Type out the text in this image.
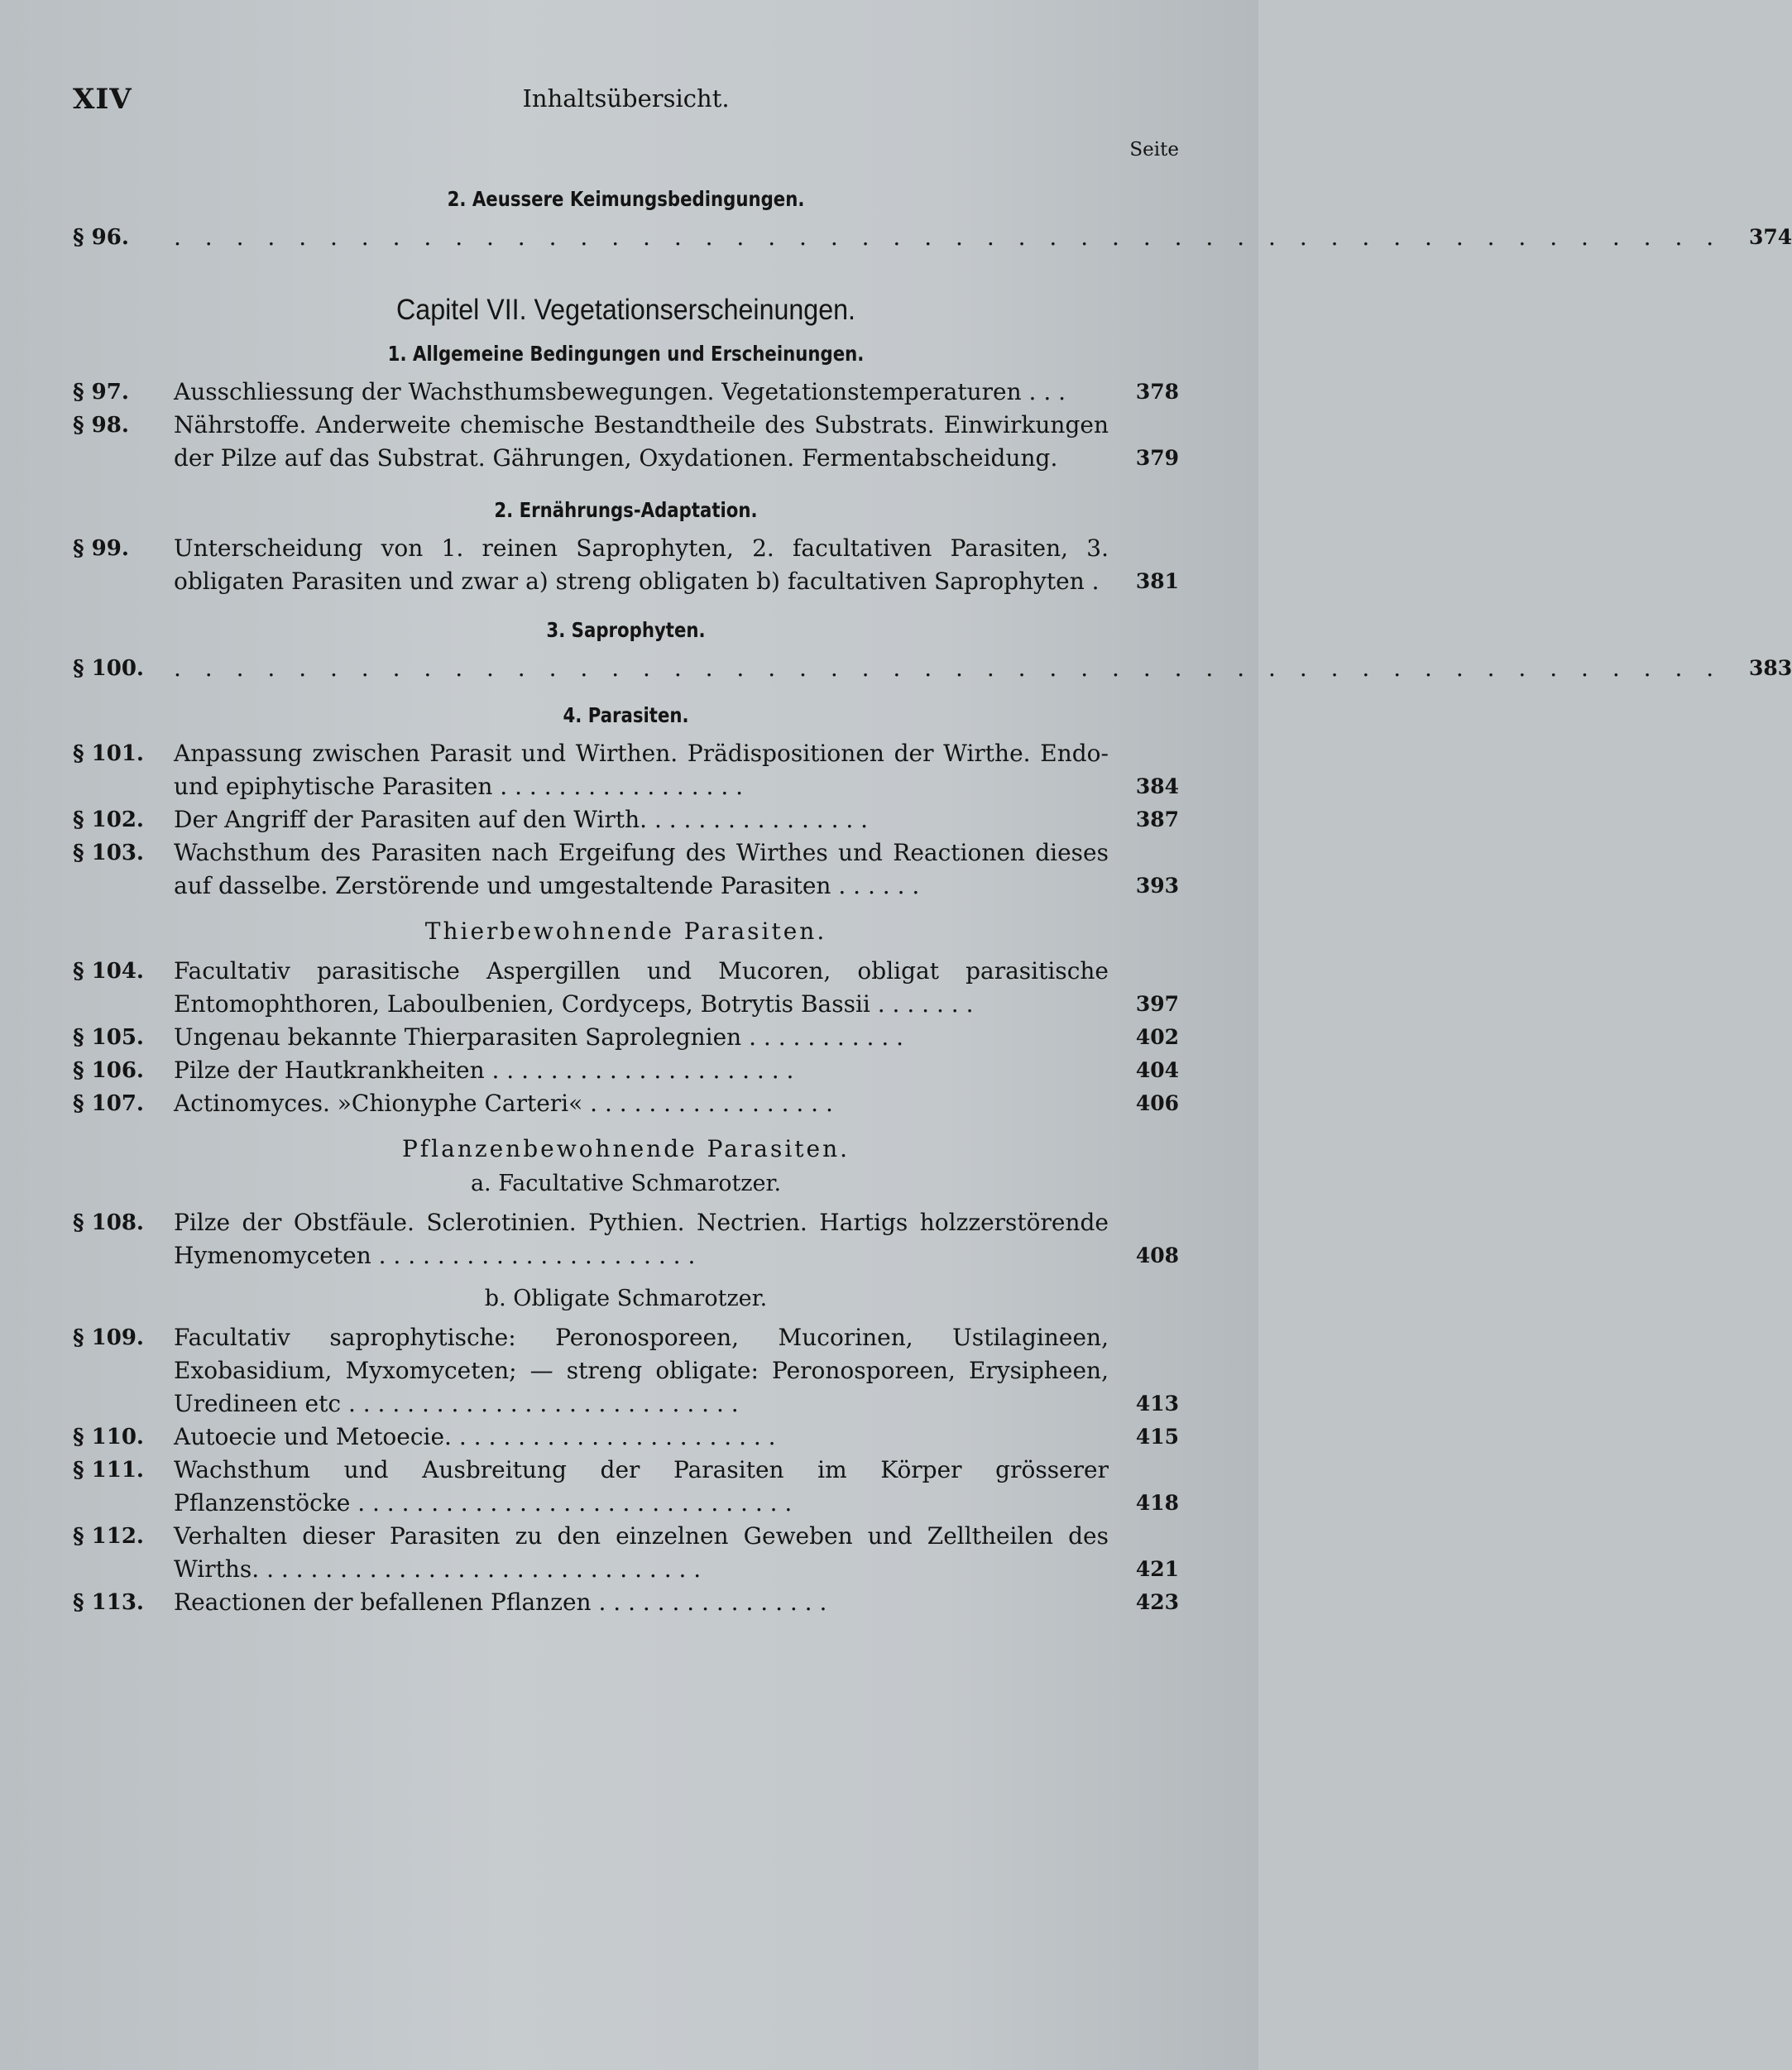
XIV	Inhaltsübersicht.
Seite
2. Aeussere Keimungsbedingungen.
§ 96.	. . . . . . . . . . . . . . . . . . . . . . . . . . . . . . . . . . . . . . . . . . . . . . . . . .	374
Capitel VII. Vegetationserscheinungen.
1. Allgemeine Bedingungen und Erscheinungen.
§ 97.	Ausschliessung der Wachsthumsbewegungen. Vegetationstemperaturen . . .	378
§ 98.	Nährstoffe. Anderweite chemische Bestandtheile des Substrats. Einwirkungen der Pilze auf das Substrat. Gährungen, Oxydationen. Fermentabscheidung.	379
2. Ernährungs-Adaptation.
§ 99.	Unterscheidung von 1. reinen Saprophyten, 2. facultativen Parasiten, 3. obligaten Parasiten und zwar a) streng obligaten b) facultativen Saprophyten .	381
3. Saprophyten.
§ 100.	. . . . . . . . . . . . . . . . . . . . . . . . . . . . . . . . . . . . . . . . . . . . . . . . . .	383
4. Parasiten.
§ 101.	Anpassung zwischen Parasit und Wirthen. Prädispositionen der Wirthe. Endo- und epiphytische Parasiten . . . . . . . . . . . . . . . . .	384
§ 102.	Der Angriff der Parasiten auf den Wirth. . . . . . . . . . . . . . . .	387
§ 103.	Wachsthum des Parasiten nach Ergeifung des Wirthes und Reactionen dieses auf dasselbe. Zerstörende und umgestaltende Parasiten . . . . . .	393
Thierbewohnende Parasiten.
§ 104.	Facultativ parasitische Aspergillen und Mucoren, obligat parasitische Entomophthoren, Laboulbenien, Cordyceps, Botrytis Bassii . . . . . . .	397
§ 105.	Ungenau bekannte Thierparasiten Saprolegnien . . . . . . . . . . .	402
§ 106.	Pilze der Hautkrankheiten . . . . . . . . . . . . . . . . . . . . .	404
§ 107.	Actinomyces. »Chionyphe Carteri« . . . . . . . . . . . . . . . . .	406
Pflanzenbewohnende Parasiten.
a. Facultative Schmarotzer.
§ 108.	Pilze der Obstfäule. Sclerotinien. Pythien. Nectrien. Hartigs holzzerstörende Hymenomyceten . . . . . . . . . . . . . . . . . . . . . .	408
b. Obligate Schmarotzer.
§ 109.	Facultativ saprophytische: Peronosporeen, Mucorinen, Ustilagineen, Exobasidium, Myxomyceten; — streng obligate: Peronosporeen, Erysipheen, Uredineen etc . . . . . . . . . . . . . . . . . . . . . . . . . . .	413
§ 110.	Autoecie und Metoecie. . . . . . . . . . . . . . . . . . . . . . .	415
§ 111.	Wachsthum und Ausbreitung der Parasiten im Körper grösserer Pflanzenstöcke . . . . . . . . . . . . . . . . . . . . . . . . . . . . . .	418
§ 112.	Verhalten dieser Parasiten zu den einzelnen Geweben und Zelltheilen des Wirths. . . . . . . . . . . . . . . . . . . . . . . . . . . . . . .	421
§ 113.	Reactionen der befallenen Pflanzen . . . . . . . . . . . . . . . .	423
